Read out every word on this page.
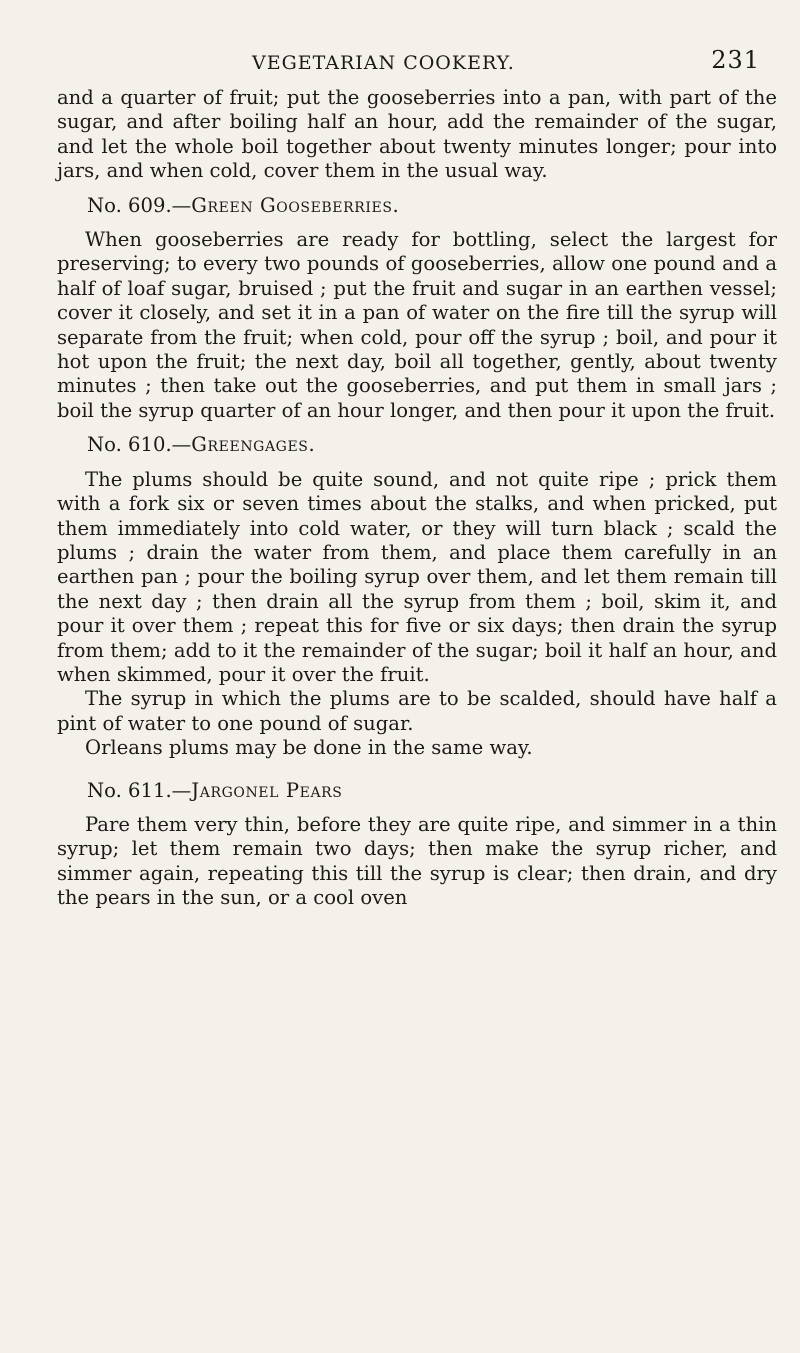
VEGETARIAN COOKERY.	231

and a quarter of fruit; put the gooseberries into a pan, with part of the sugar, and after boiling half an hour, add the remainder of the sugar, and let the whole boil together about twenty minutes longer; pour into jars, and when cold, cover them in the usual way.

No. 609.—Green Gooseberries.

When gooseberries are ready for bottling, select the largest for preserving; to every two pounds of gooseberries, allow one pound and a half of loaf sugar, bruised ; put the fruit and sugar in an earthen vessel; cover it closely, and set it in a pan of water on the fire till the syrup will separate from the fruit; when cold, pour off the syrup ; boil, and pour it hot upon the fruit; the next day, boil all together, gently, about twenty minutes ; then take out the gooseberries, and put them in small jars ; boil the syrup quarter of an hour longer, and then pour it upon the fruit.

No. 610.—Greengages.

The plums should be quite sound, and not quite ripe ; prick them with a fork six or seven times about the stalks, and when pricked, put them immediately into cold water, or they will turn black ; scald the plums ; drain the water from them, and place them carefully in an earthen pan ; pour the boiling syrup over them, and let them remain till the next day ; then drain all the syrup from them ; boil, skim it, and pour it over them ; repeat this for five or six days; then drain the syrup from them; add to it the remainder of the sugar; boil it half an hour, and when skimmed, pour it over the fruit.

The syrup in which the plums are to be scalded, should have half a pint of water to one pound of sugar.

Orleans plums may be done in the same way.

No. 611.—Jargonel Pears

Pare them very thin, before they are quite ripe, and simmer in a thin syrup; let them remain two days; then make the syrup richer, and simmer again, repeating this till the syrup is clear; then drain, and dry the pears in the sun, or a cool oven
